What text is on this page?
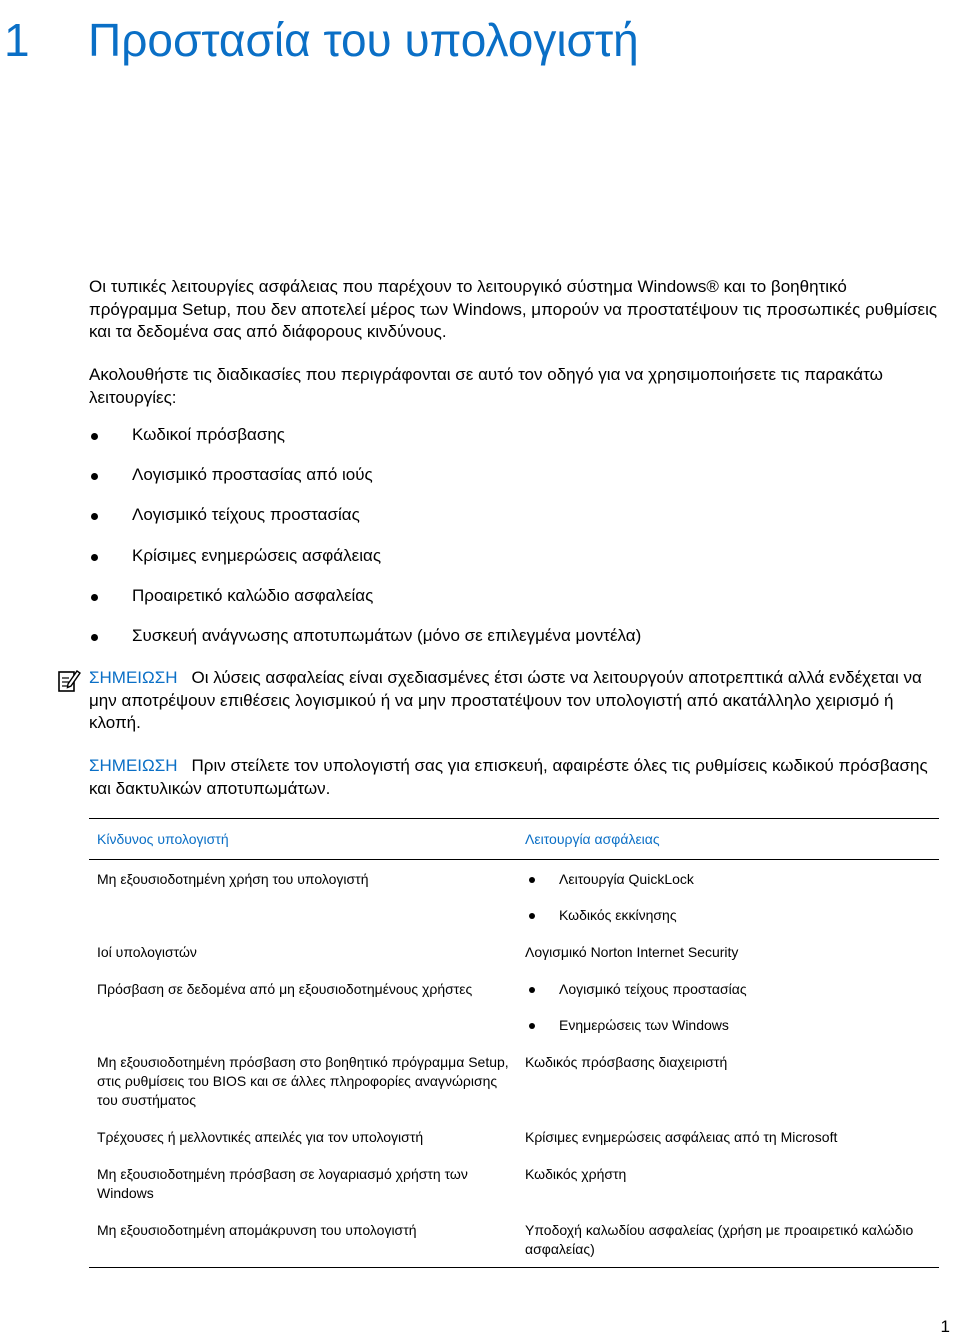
1 Προστασία του υπολογιστή

Οι τυπικές λειτουργίες ασφάλειας που παρέχουν το λειτουργικό σύστημα Windows® και το βοηθητικό πρόγραμμα Setup, που δεν αποτελεί μέρος των Windows, μπορούν να προστατέψουν τις προσωπικές ρυθμίσεις και τα δεδομένα σας από διάφορους κινδύνους.

Ακολουθήστε τις διαδικασίες που περιγράφονται σε αυτό τον οδηγό για να χρησιμοποιήσετε τις παρακάτω λειτουργίες:

Κωδικοί πρόσβασης
Λογισμικό προστασίας από ιούς
Λογισμικό τείχους προστασίας
Κρίσιμες ενημερώσεις ασφάλειας
Προαιρετικό καλώδιο ασφαλείας
Συσκευή ανάγνωσης αποτυπωμάτων (μόνο σε επιλεγμένα μοντέλα)
ΣΗΜΕΙΩΣΗ Οι λύσεις ασφαλείας είναι σχεδιασμένες έτσι ώστε να λειτουργούν αποτρεπτικά αλλά ενδέχεται να μην αποτρέψουν επιθέσεις λογισμικού ή να μην προστατέψουν τον υπολογιστή από ακατάλληλο χειρισμό ή κλοπή.
ΣΗΜΕΙΩΣΗ Πριν στείλετε τον υπολογιστή σας για επισκευή, αφαιρέστε όλες τις ρυθμίσεις κωδικού πρόσβασης και δακτυλικών αποτυπωμάτων.
Κίνδυνος υπολογιστή	Λειτουργία ασφάλειας
Μη εξουσιοδοτημένη χρήση του υπολογιστή	Λειτουργία QuickLock
Κωδικός εκκίνησης

Ιοί υπολογιστών	Λογισμικό Norton Internet Security

Πρόσβαση σε δεδομένα από μη εξουσιοδοτημένους χρήστες	Λογισμικό τείχους προστασίας
Ενημερώσεις των Windows

Μη εξουσιοδοτημένη πρόσβαση στο βοηθητικό πρόγραμμα Setup, στις ρυθμίσεις του BIOS και σε άλλες πληροφορίες αναγνώρισης του συστήματος	Κωδικός πρόσβασης διαχειριστή

Τρέχουσες ή μελλοντικές απειλές για τον υπολογιστή	Κρίσιμες ενημερώσεις ασφάλειας από τη Microsoft

Μη εξουσιοδοτημένη πρόσβαση σε λογαριασμό χρήστη των Windows	Κωδικός χρήστη

Μη εξουσιοδοτημένη απομάκρυνση του υπολογιστή	Υποδοχή καλωδίου ασφαλείας (χρήση με προαιρετικό καλώδιο ασφαλείας)
1
